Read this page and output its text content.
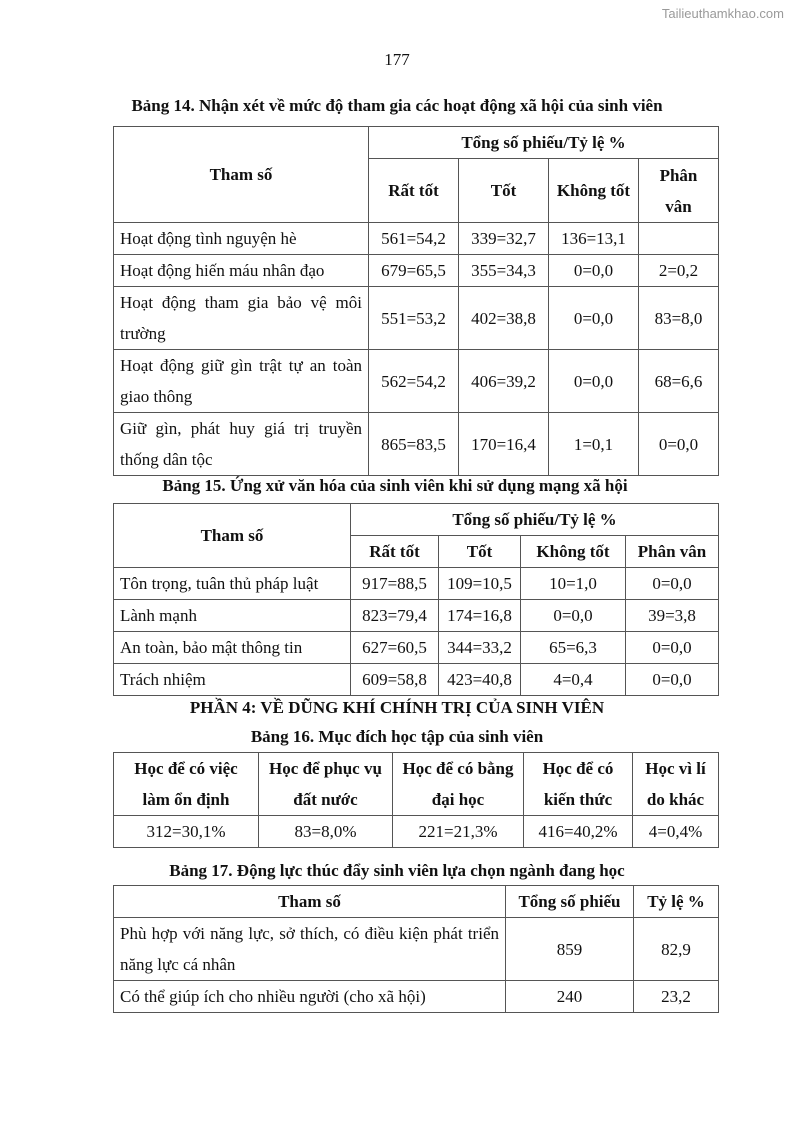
Tailieuthamkhao.com
177
Bảng 14. Nhận xét về mức độ tham gia các hoạt động xã hội của sinh viên
Tham số	Tổng số phiếu/Tỷ lệ %			
	Rất tốt	Tốt	Không tốt	Phân vân
Hoạt động tình nguyện hè	561=54,2	339=32,7	136=13,1	
Hoạt động hiến máu nhân đạo	679=65,5	355=34,3	0=0,0	2=0,2
Hoạt động tham gia bảo vệ môi trường	551=53,2	402=38,8	0=0,0	83=8,0
Hoạt động giữ gìn trật tự an toàn giao thông	562=54,2	406=39,2	0=0,0	68=6,6
Giữ gìn, phát huy giá trị truyền thống dân tộc	865=83,5	170=16,4	1=0,1	0=0,0
Bảng 15. Ứng xử văn hóa của sinh viên khi sử dụng mạng xã hội
Tham số	Tổng số phiếu/Tỷ lệ %			
	Rất tốt	Tốt	Không tốt	Phân vân
Tôn trọng, tuân thủ pháp luật	917=88,5	109=10,5	10=1,0	0=0,0
Lành mạnh	823=79,4	174=16,8	0=0,0	39=3,8
An toàn, bảo mật thông tin	627=60,5	344=33,2	65=6,3	0=0,0
Trách nhiệm	609=58,8	423=40,8	4=0,4	0=0,0
PHẦN 4: VỀ DŨNG KHÍ CHÍNH TRỊ CỦA SINH VIÊN
Bảng 16. Mục đích học tập của sinh viên
Học để có việc làm ổn định	Học để phục vụ đất nước	Học để có bằng đại học	Học để có kiến thức	Học vì lí do khác
312=30,1%	83=8,0%	221=21,3%	416=40,2%	4=0,4%
Bảng 17. Động lực thúc đẩy sinh viên lựa chọn ngành đang học
Tham số	Tổng số phiếu	Tỷ lệ %
Phù hợp với năng lực, sở thích, có điều kiện phát triển năng lực cá nhân	859	82,9
Có thể giúp ích cho nhiều người (cho xã hội)	240	23,2
